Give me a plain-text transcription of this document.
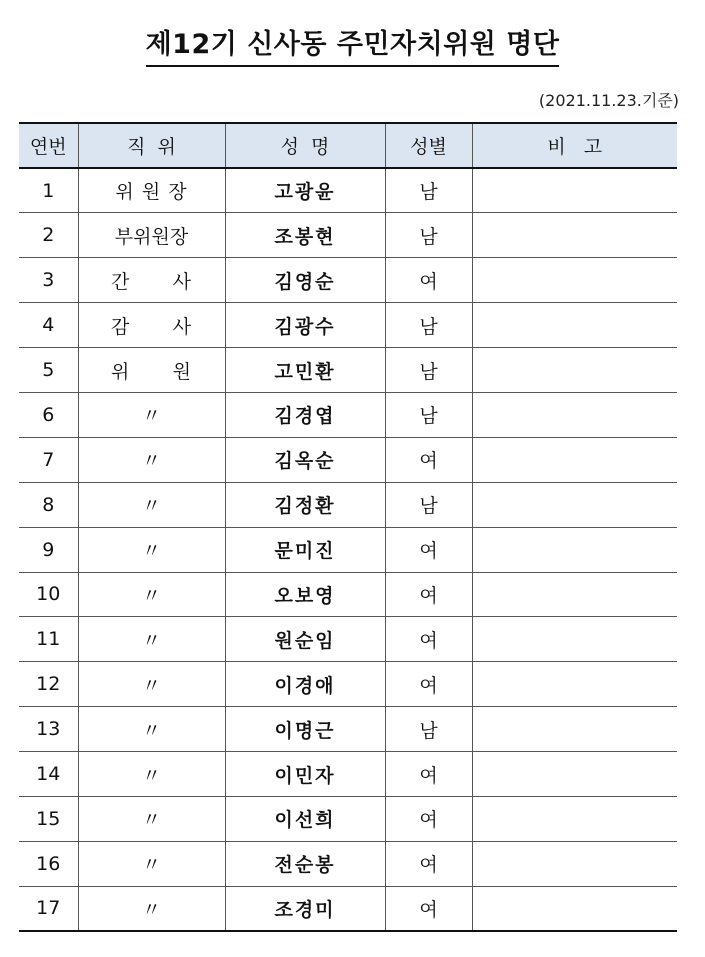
제12기 신사동 주민자치위원 명단
(2021.11.23.기준)
연번	직  위	성  명	성별	비   고
1	위 원 장	고광윤	남	
2	부위원장	조봉현	남	
3	간      사	김영순	여	
4	감      사	김광수	남	
5	위      원	고민환	남	
6	〃	김경엽	남	
7	〃	김옥순	여	
8	〃	김정환	남	
9	〃	문미진	여	
10	〃	오보영	여	
11	〃	원순임	여	
12	〃	이경애	여	
13	〃	이명근	남	
14	〃	이민자	여	
15	〃	이선희	여	
16	〃	전순봉	여	
17	〃	조경미	여	
